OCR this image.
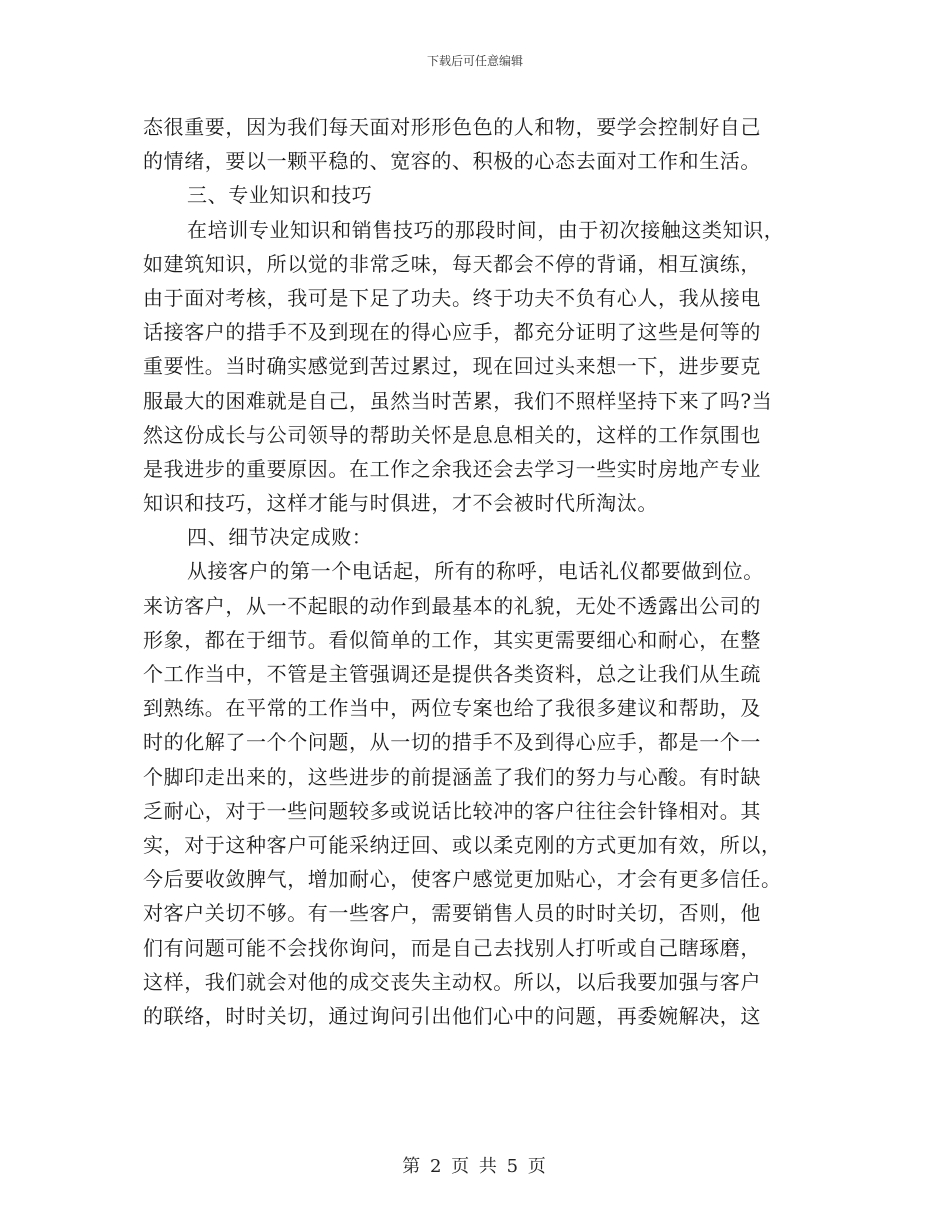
下载后可任意编辑
态很重要，因为我们每天面对形形色色的人和物，要学会控制好自己
的情绪，要以一颗平稳的、宽容的、积极的心态去面对工作和生活。
三、专业知识和技巧
在培训专业知识和销售技巧的那段时间，由于初次接触这类知识，
如建筑知识，所以觉的非常乏味，每天都会不停的背诵，相互演练，
由于面对考核，我可是下足了功夫。终于功夫不负有心人，我从接电
话接客户的措手不及到现在的得心应手，都充分证明了这些是何等的
重要性。当时确实感觉到苦过累过，现在回过头来想一下，进步要克
服最大的困难就是自己，虽然当时苦累，我们不照样坚持下来了吗?当
然这份成长与公司领导的帮助关怀是息息相关的，这样的工作氛围也
是我进步的重要原因。在工作之余我还会去学习一些实时房地产专业
知识和技巧，这样才能与时俱进，才不会被时代所淘汰。
四、细节决定成败：
从接客户的第一个电话起，所有的称呼，电话礼仪都要做到位。
来访客户，从一不起眼的动作到最基本的礼貌，无处不透露出公司的
形象，都在于细节。看似简单的工作，其实更需要细心和耐心，在整
个工作当中，不管是主管强调还是提供各类资料，总之让我们从生疏
到熟练。在平常的工作当中，两位专案也给了我很多建议和帮助，及
时的化解了一个个问题，从一切的措手不及到得心应手，都是一个一
个脚印走出来的，这些进步的前提涵盖了我们的努力与心酸。有时缺
乏耐心，对于一些问题较多或说话比较冲的客户往往会针锋相对。其
实，对于这种客户可能采纳迂回、或以柔克刚的方式更加有效，所以，
今后要收敛脾气，增加耐心，使客户感觉更加贴心，才会有更多信任。
对客户关切不够。有一些客户，需要销售人员的时时关切，否则，他
们有问题可能不会找你询问，而是自己去找别人打听或自己瞎琢磨，
这样，我们就会对他的成交丧失主动权。所以，以后我要加强与客户
的联络，时时关切，通过询问引出他们心中的问题，再委婉解决，这
第 2 页 共 5 页
